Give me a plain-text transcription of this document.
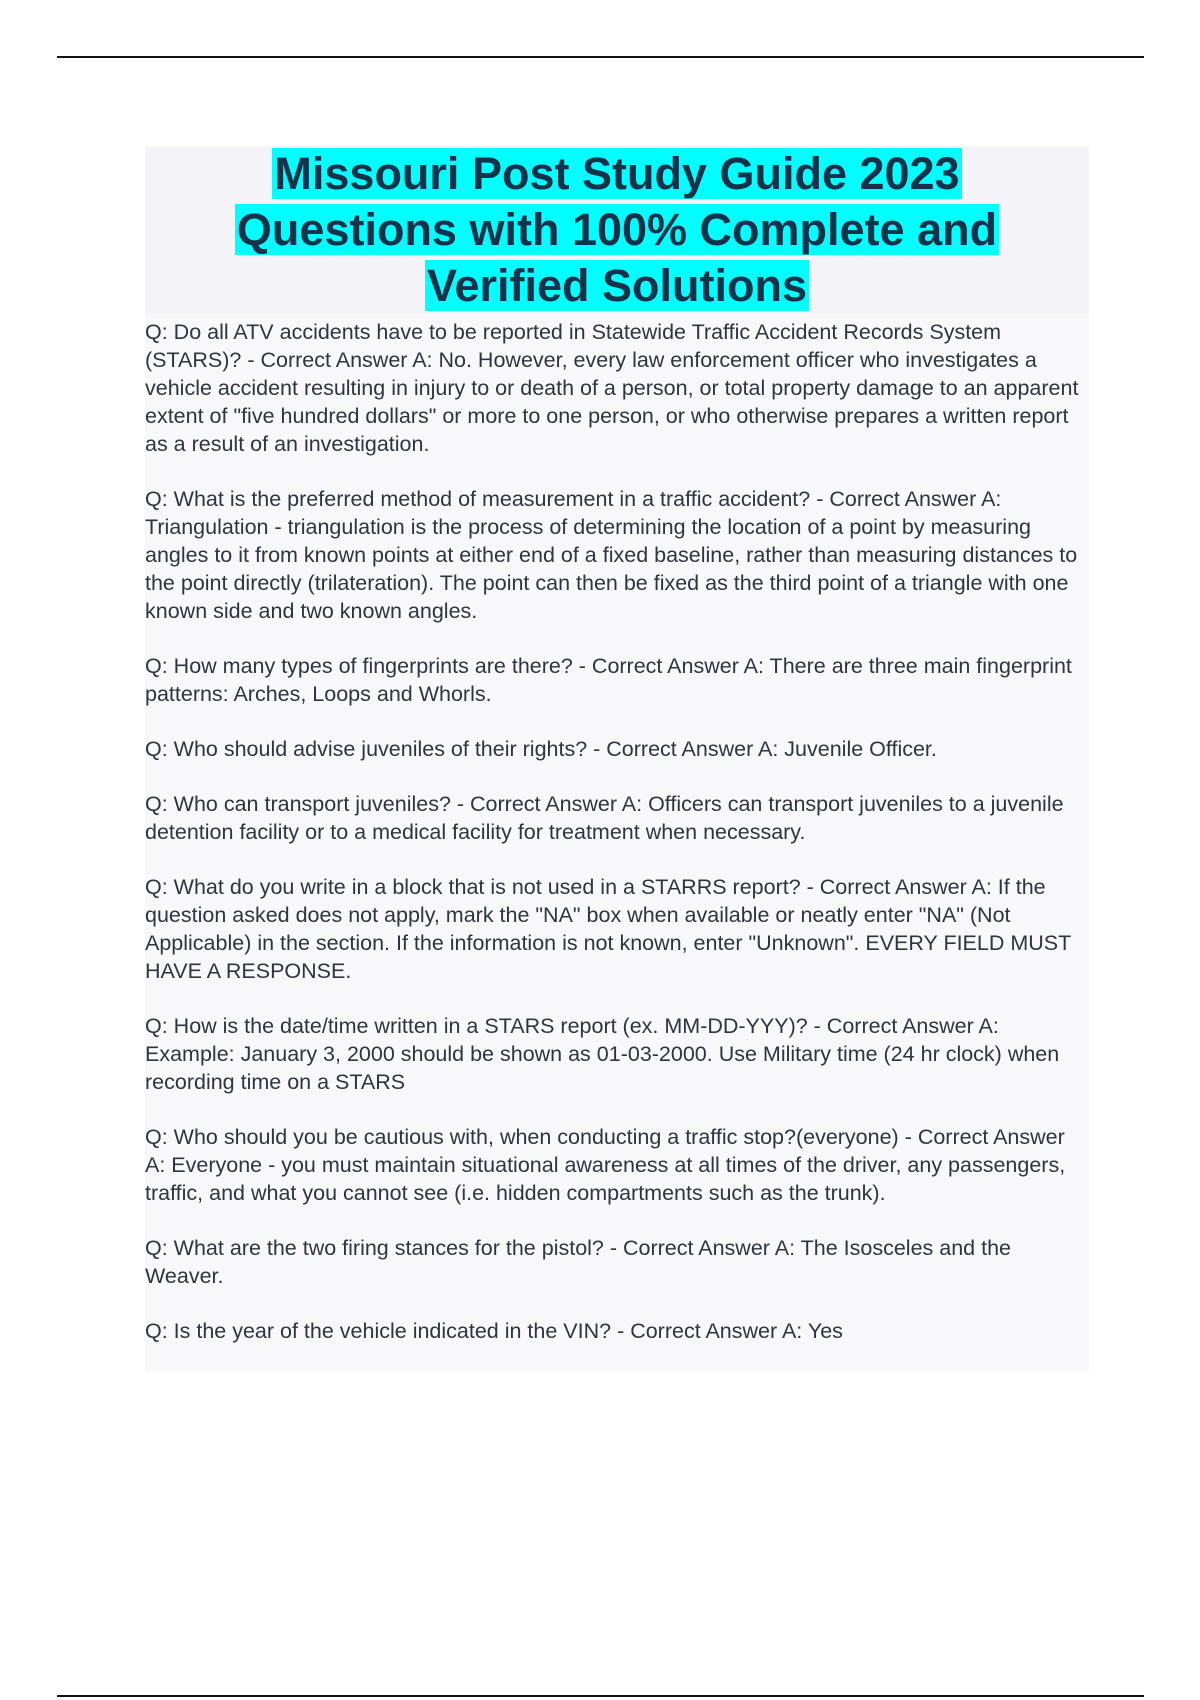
Missouri Post Study Guide 2023
Questions with 100% Complete and
Verified Solutions

Q: Do all ATV accidents have to be reported in Statewide Traffic Accident Records System (STARS)? - Correct Answer A: No. However, every law enforcement officer who investigates a vehicle accident resulting in injury to or death of a person, or total property damage to an apparent extent of "five hundred dollars" or more to one person, or who otherwise prepares a written report as a result of an investigation.

Q: What is the preferred method of measurement in a traffic accident? - Correct Answer A: Triangulation - triangulation is the process of determining the location of a point by measuring angles to it from known points at either end of a fixed baseline, rather than measuring distances to the point directly (trilateration). The point can then be fixed as the third point of a triangle with one known side and two known angles.

Q: How many types of fingerprints are there? - Correct Answer A: There are three main fingerprint patterns: Arches, Loops and Whorls.

Q: Who should advise juveniles of their rights? - Correct Answer A: Juvenile Officer.

Q: Who can transport juveniles? - Correct Answer A: Officers can transport juveniles to a juvenile detention facility or to a medical facility for treatment when necessary.

Q: What do you write in a block that is not used in a STARRS report? - Correct Answer A: If the question asked does not apply, mark the "NA" box when available or neatly enter "NA" (Not Applicable) in the section. If the information is not known, enter "Unknown". EVERY FIELD MUST HAVE A RESPONSE.

Q: How is the date/time written in a STARS report (ex. MM-DD-YYY)? - Correct Answer A: Example: January 3, 2000 should be shown as 01-03-2000. Use Military time (24 hr clock) when recording time on a STARS

Q: Who should you be cautious with, when conducting a traffic stop?(everyone) - Correct Answer A: Everyone - you must maintain situational awareness at all times of the driver, any passengers, traffic, and what you cannot see (i.e. hidden compartments such as the trunk).

Q: What are the two firing stances for the pistol? - Correct Answer A: The Isosceles and the Weaver.

Q: Is the year of the vehicle indicated in the VIN? - Correct Answer A: Yes
